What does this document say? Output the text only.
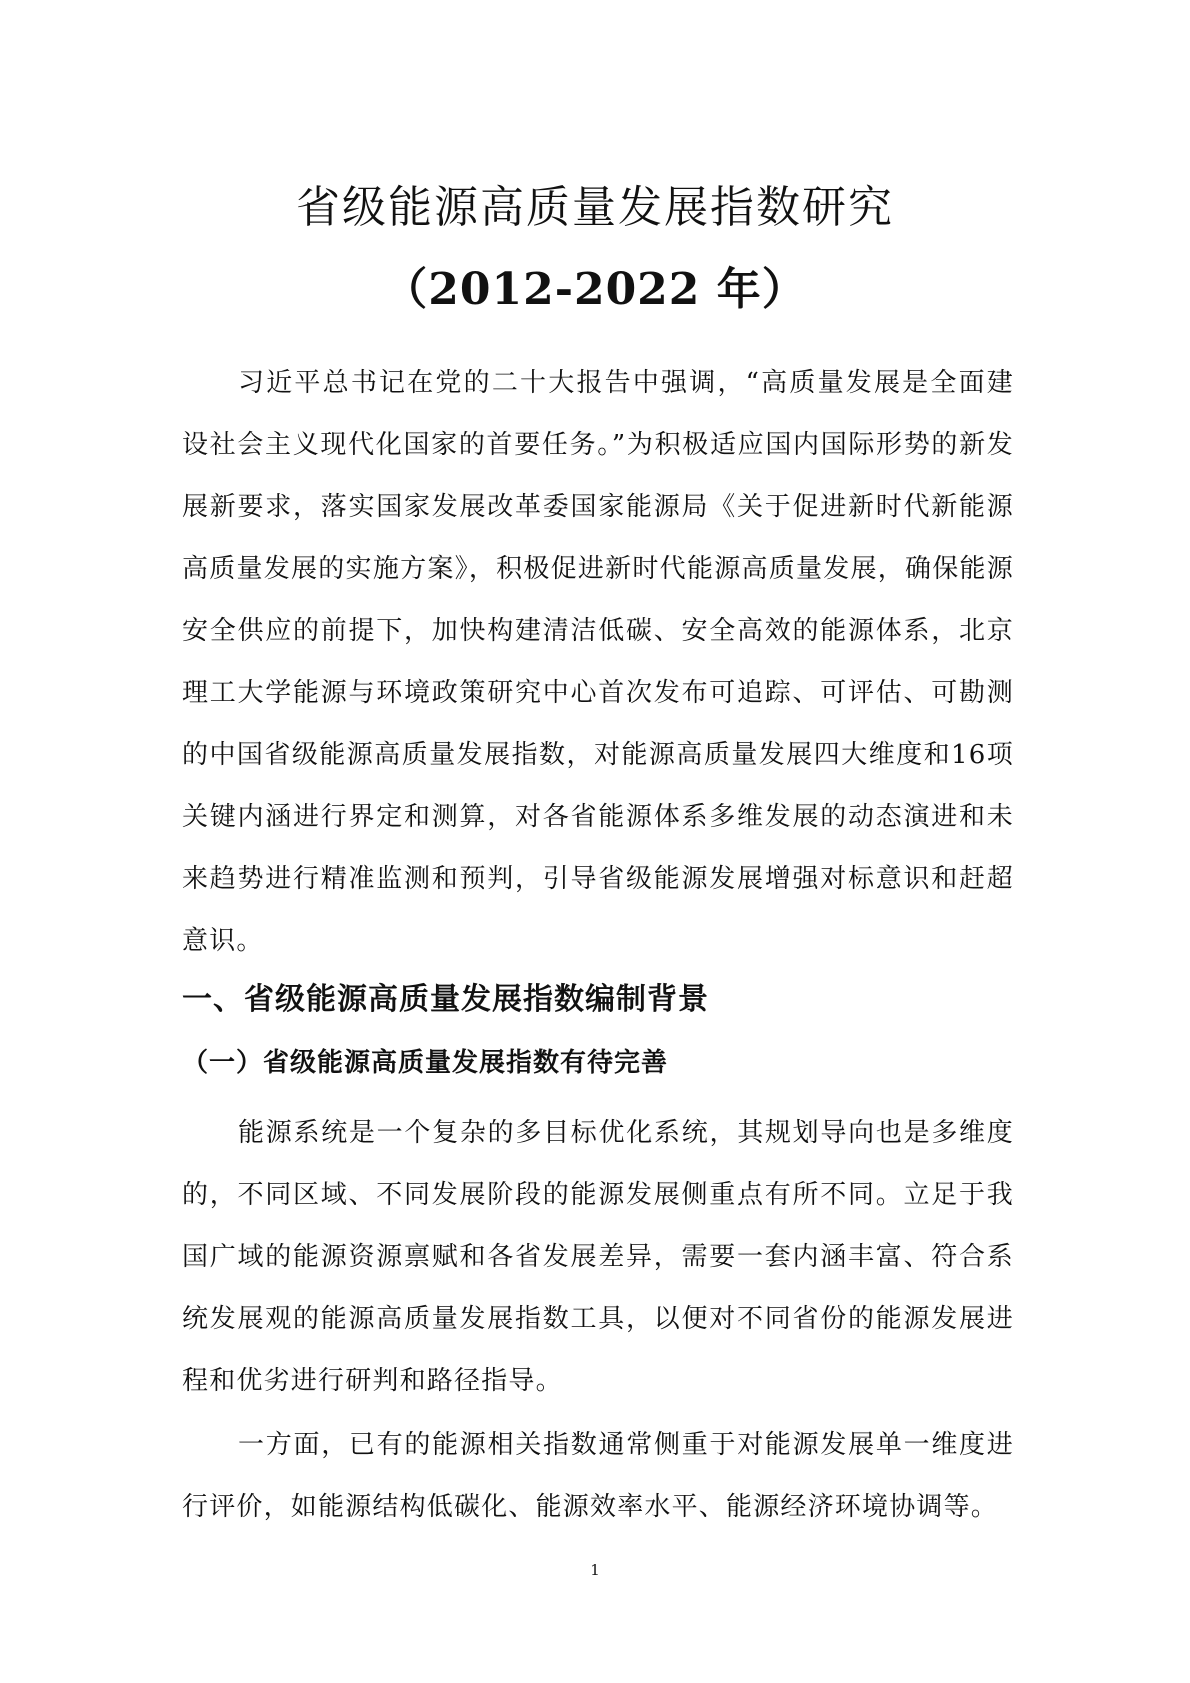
省级能源高质量发展指数研究
（2012-2022 年）

习近平总书记在党的二十大报告中强调，“高质量发展是全面建设社会主义现代化国家的首要任务。”为积极适应国内国际形势的新发展新要求，落实国家发展改革委国家能源局《关于促进新时代新能源高质量发展的实施方案》，积极促进新时代能源高质量发展，确保能源安全供应的前提下，加快构建清洁低碳、安全高效的能源体系，北京理工大学能源与环境政策研究中心首次发布可追踪、可评估、可勘测的中国省级能源高质量发展指数，对能源高质量发展四大维度和16项关键内涵进行界定和测算，对各省能源体系多维发展的动态演进和未来趋势进行精准监测和预判，引导省级能源发展增强对标意识和赶超意识。

一、省级能源高质量发展指数编制背景
（一）省级能源高质量发展指数有待完善

能源系统是一个复杂的多目标优化系统，其规划导向也是多维度的，不同区域、不同发展阶段的能源发展侧重点有所不同。立足于我国广域的能源资源禀赋和各省发展差异，需要一套内涵丰富、符合系统发展观的能源高质量发展指数工具，以便对不同省份的能源发展进程和优劣进行研判和路径指导。

一方面，已有的能源相关指数通常侧重于对能源发展单一维度进行评价，如能源结构低碳化、能源效率水平、能源经济环境协调等。

1
